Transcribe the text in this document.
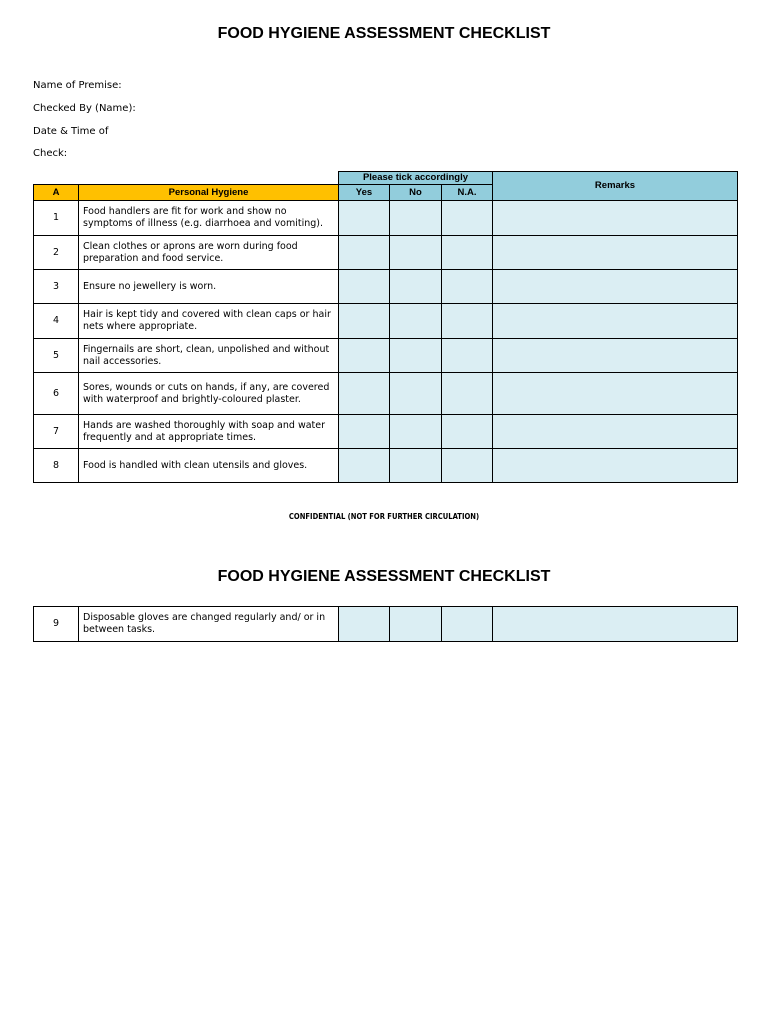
FOOD HYGIENE ASSESSMENT CHECKLIST
Name of Premise:
Checked By (Name):
Date & Time of
Check:
		Please tick accordingly			Remarks
A	Personal Hygiene	Yes	No	N.A.	
1	Food handlers are fit for work and show no symptoms of illness (e.g. diarrhoea and vomiting).				
2	Clean clothes or aprons are worn during food preparation and food service.				
3	Ensure no jewellery is worn.				
4	Hair is kept tidy and covered with clean caps or hair nets where appropriate.				
5	Fingernails are short, clean, unpolished and without nail accessories.				
6	Sores, wounds or cuts on hands, if any, are covered with waterproof and brightly-coloured plaster.				
7	Hands are washed thoroughly with soap and water frequently and at appropriate times.				
8	Food is handled with clean utensils and gloves.				
CONFIDENTIAL (NOT FOR FURTHER CIRCULATION)
FOOD HYGIENE ASSESSMENT CHECKLIST
9	Disposable gloves are changed regularly and/ or in between tasks.				
